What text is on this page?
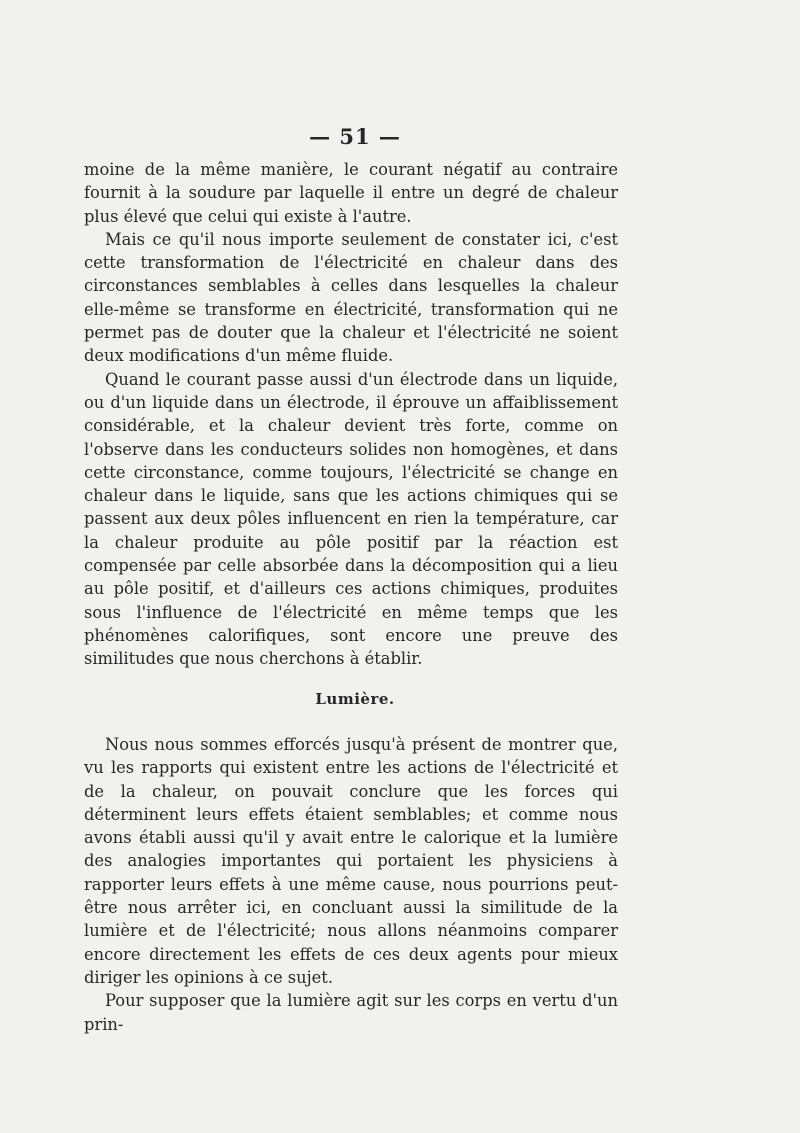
— 51 —

moine de la même manière, le courant négatif au contraire fournit à la soudure par laquelle il entre un degré de chaleur plus élevé que celui qui existe à l'autre.

Mais ce qu'il nous importe seulement de constater ici, c'est cette transformation de l'électricité en chaleur dans des circonstances semblables à celles dans lesquelles la chaleur elle-même se transforme en électricité, transformation qui ne permet pas de douter que la chaleur et l'électricité ne soient deux modifications d'un même fluide.

Quand le courant passe aussi d'un électrode dans un liquide, ou d'un liquide dans un électrode, il éprouve un affaiblissement considérable, et la chaleur devient très forte, comme on l'observe dans les conducteurs solides non homogènes, et dans cette circonstance, comme toujours, l'électricité se change en chaleur dans le liquide, sans que les actions chimiques qui se passent aux deux pôles influencent en rien la température, car la chaleur produite au pôle positif par la réaction est compensée par celle absorbée dans la décomposition qui a lieu au pôle positif, et d'ailleurs ces actions chimiques, produites sous l'influence de l'électricité en même temps que les phénomènes calorifiques, sont encore une preuve des similitudes que nous cherchons à établir.

Lumière.

Nous nous sommes efforcés jusqu'à présent de montrer que, vu les rapports qui existent entre les actions de l'électricité et de la chaleur, on pouvait conclure que les forces qui déterminent leurs effets étaient semblables; et comme nous avons établi aussi qu'il y avait entre le calorique et la lumière des analogies importantes qui portaient les physiciens à rapporter leurs effets à une même cause, nous pourrions peut-être nous arrêter ici, en concluant aussi la similitude de la lumière et de l'électricité; nous allons néanmoins comparer encore directement les effets de ces deux agents pour mieux diriger les opinions à ce sujet.

Pour supposer que la lumière agit sur les corps en vertu d'un prin-
